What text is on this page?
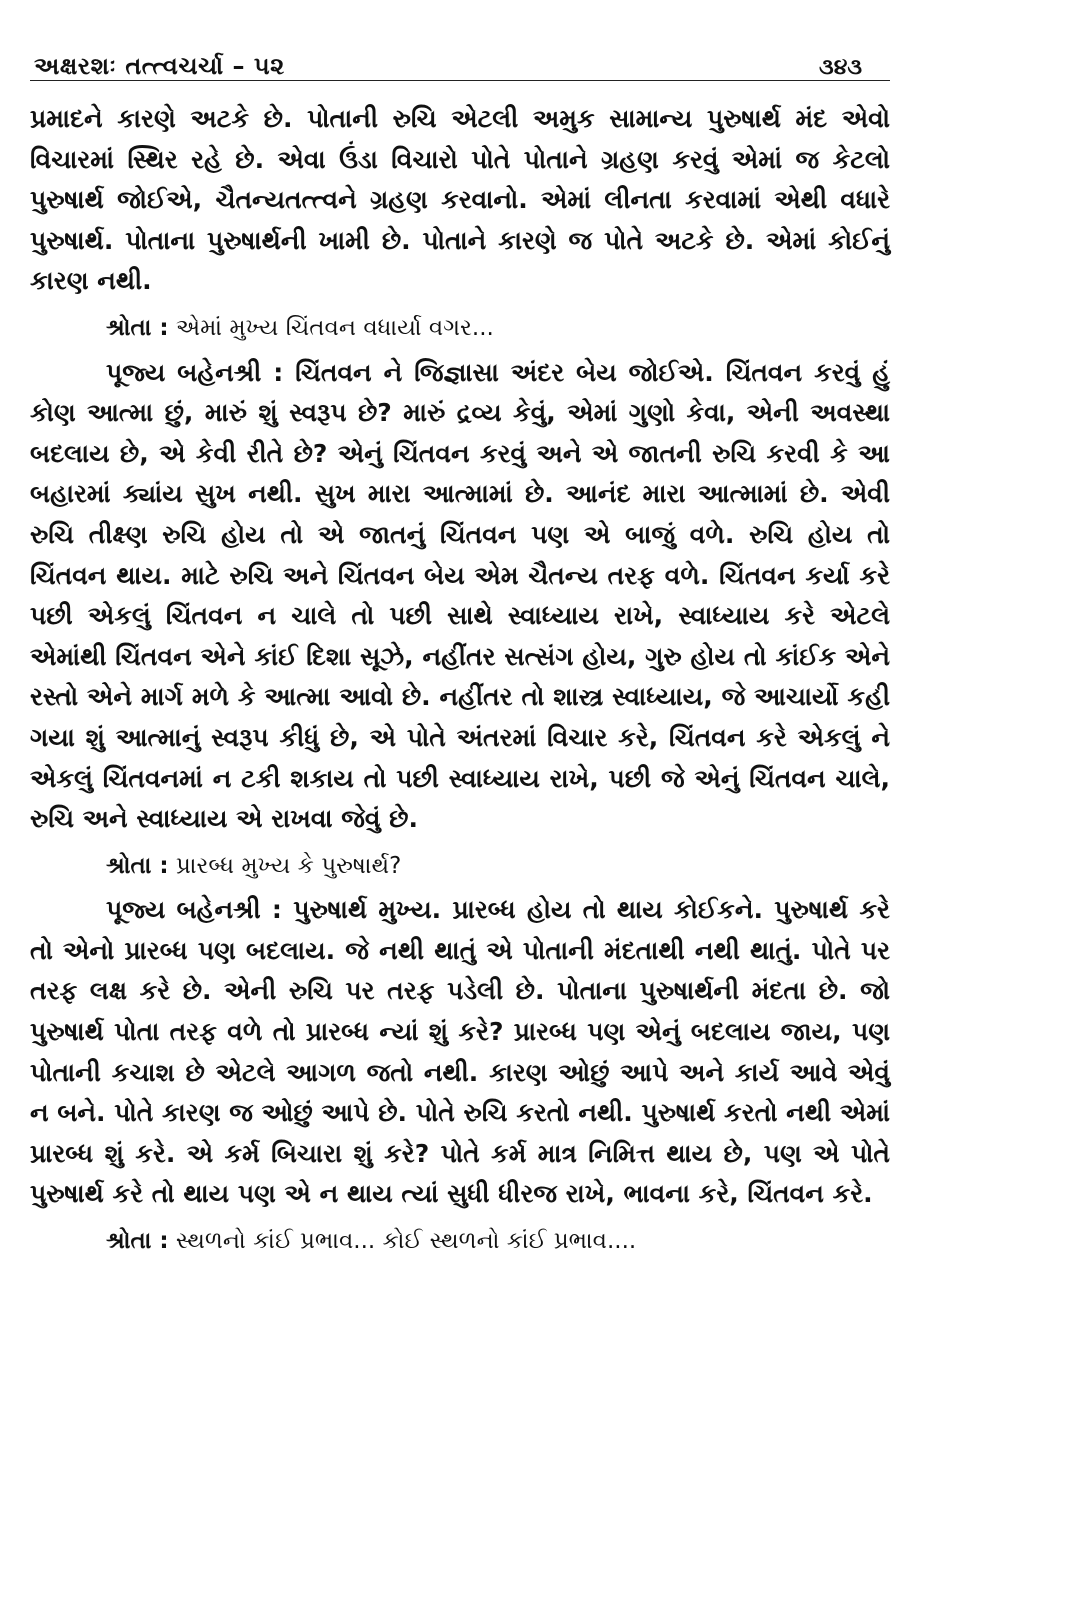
અક્ષરશઃ તત્ત્વચર્ચા – ૫૨	૩૪૩

પ્રમાદને કારણે અટકે છે. પોતાની રુચિ એટલી અમુક સામાન્ય પુરુષાર્થ મંદ એવો વિચારમાં સ્થિર રહે છે. એવા ઉંડા વિચારો પોતે પોતાને ગ્રહણ કરવું એમાં જ કેટલો પુરુષાર્થ જોઈએ, ચૈતન્યતત્ત્વને ગ્રહણ કરવાનો. એમાં લીનતા કરવામાં એથી વધારે પુરુષાર્થ. પોતાના પુરુષાર્થની ખામી છે. પોતાને કારણે જ પોતે અટકે છે. એમાં કોઈનું કારણ નથી.

શ્રોતા : એમાં મુખ્ય ચિંતવન વધાર્યા વગર...

પૂજ્ય બહેનશ્રી : ચિંતવન ને જિજ્ઞાસા અંદર બેય જોઈએ. ચિંતવન કરવું હું કોણ આત્મા છું, મારું શું સ્વરૂપ છે? મારું દ્રવ્ય કેવું, એમાં ગુણો કેવા, એની અવસ્થા બદલાય છે, એ કેવી રીતે છે? એનું ચિંતવન કરવું અને એ જાતની રુચિ કરવી કે આ બહારમાં ક્યાંય સુખ નથી. સુખ મારા આત્મામાં છે. આનંદ મારા આત્મામાં છે. એવી રુચિ તીક્ષ્ણ રુચિ હોય તો એ જાતનું ચિંતવન પણ એ બાજું વળે. રુચિ હોય તો ચિંતવન થાય. માટે રુચિ અને ચિંતવન બેય એમ ચૈતન્ય તરફ વળે. ચિંતવન કર્યા કરે પછી એકલું ચિંતવન ન ચાલે તો પછી સાથે સ્વાધ્યાય રાખે, સ્વાધ્યાય કરે એટલે એમાંથી ચિંતવન એને કાંઈ દિશા સૂઝે, નહીંતર સત્સંગ હોય, ગુરુ હોય તો કાંઈક એને રસ્તો એને માર્ગ મળે કે આત્મા આવો છે. નહીંતર તો શાસ્ત્ર સ્વાધ્યાય, જે આચાર્યો કહી ગયા શું આત્માનું સ્વરૂપ કીધું છે, એ પોતે અંતરમાં વિચાર કરે, ચિંતવન કરે એકલું ને એકલું ચિંતવનમાં ન ટકી શકાય તો પછી સ્વાધ્યાય રાખે, પછી જે એનું ચિંતવન ચાલે, રુચિ અને સ્વાધ્યાય એ રાખવા જેવું છે.

શ્રોતા : પ્રારબ્ધ મુખ્ય કે પુરુષાર્થ?

પૂજ્ય બહેનશ્રી : પુરુષાર્થ મુખ્ય. પ્રારબ્ધ હોય તો થાય કોઈકને. પુરુષાર્થ કરે તો એનો પ્રારબ્ધ પણ બદલાય. જે નથી થાતું એ પોતાની મંદતાથી નથી થાતું. પોતે પર તરફ લક્ષ કરે છે. એની રુચિ પર તરફ પડેલી છે. પોતાના પુરુષાર્થની મંદતા છે. જો પુરુષાર્થ પોતા તરફ વળે તો પ્રારબ્ધ ન્યાં શું કરે? પ્રારબ્ધ પણ એનું બદલાય જાય, પણ પોતાની કચાશ છે એટલે આગળ જતો નથી. કારણ ઓછું આપે અને કાર્ય આવે એવું ન બને. પોતે કારણ જ ઓછું આપે છે. પોતે રુચિ કરતો નથી. પુરુષાર્થ કરતો નથી એમાં પ્રારબ્ધ શું કરે. એ કર્મ બિચારા શું કરે? પોતે કર્મ માત્ર નિમિત્ત થાય છે, પણ એ પોતે પુરુષાર્થ કરે તો થાય પણ એ ન થાય ત્યાં સુધી ધીરજ રાખે, ભાવના કરે, ચિંતવન કરે.

શ્રોતા : સ્થળનો કાંઈ પ્રભાવ... કોઈ સ્થળનો કાંઈ પ્રભાવ....
